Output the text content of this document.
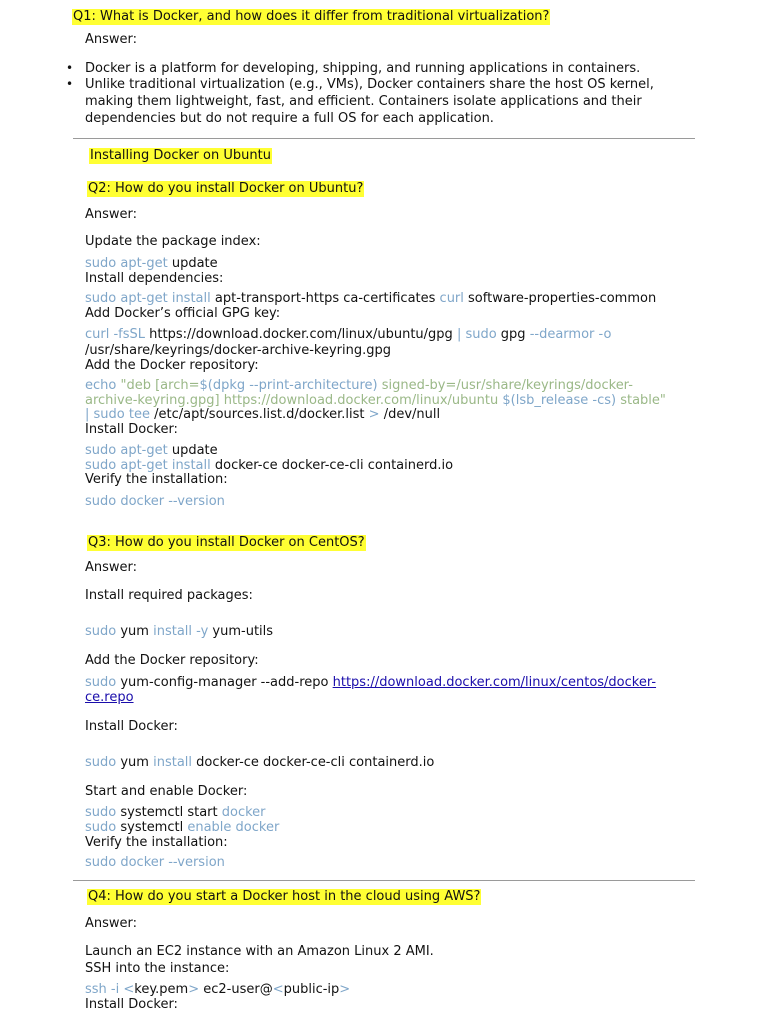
Q1: What is Docker, and how does it differ from traditional virtualization?
Answer:
• Docker is a platform for developing, shipping, and running applications in containers.
• Unlike traditional virtualization (e.g., VMs), Docker containers share the host OS kernel,
making them lightweight, fast, and efficient. Containers isolate applications and their
dependencies but do not require a full OS for each application.
Installing Docker on Ubuntu
Q2: How do you install Docker on Ubuntu?
Answer:
Update the package index:
sudo apt-get update
Install dependencies:
sudo apt-get install apt-transport-https ca-certificates curl software-properties-common
Add Docker’s official GPG key:
curl -fsSL https://download.docker.com/linux/ubuntu/gpg | sudo gpg --dearmor -o
/usr/share/keyrings/docker-archive-keyring.gpg
Add the Docker repository:
echo "deb [arch=$(dpkg --print-architecture) signed-by=/usr/share/keyrings/docker-
archive-keyring.gpg] https://download.docker.com/linux/ubuntu $(lsb_release -cs) stable"
| sudo tee /etc/apt/sources.list.d/docker.list > /dev/null
Install Docker:
sudo apt-get update
sudo apt-get install docker-ce docker-ce-cli containerd.io
Verify the installation:
sudo docker --version
Q3: How do you install Docker on CentOS?
Answer:
Install required packages:
sudo yum install -y yum-utils
Add the Docker repository:
sudo yum-config-manager --add-repo https://download.docker.com/linux/centos/docker-
ce.repo
Install Docker:
sudo yum install docker-ce docker-ce-cli containerd.io
Start and enable Docker:
sudo systemctl start docker
sudo systemctl enable docker
Verify the installation:
sudo docker --version
Q4: How do you start a Docker host in the cloud using AWS?
Answer:
Launch an EC2 instance with an Amazon Linux 2 AMI.
SSH into the instance:
ssh -i <key.pem> ec2-user@<public-ip>
Install Docker:
